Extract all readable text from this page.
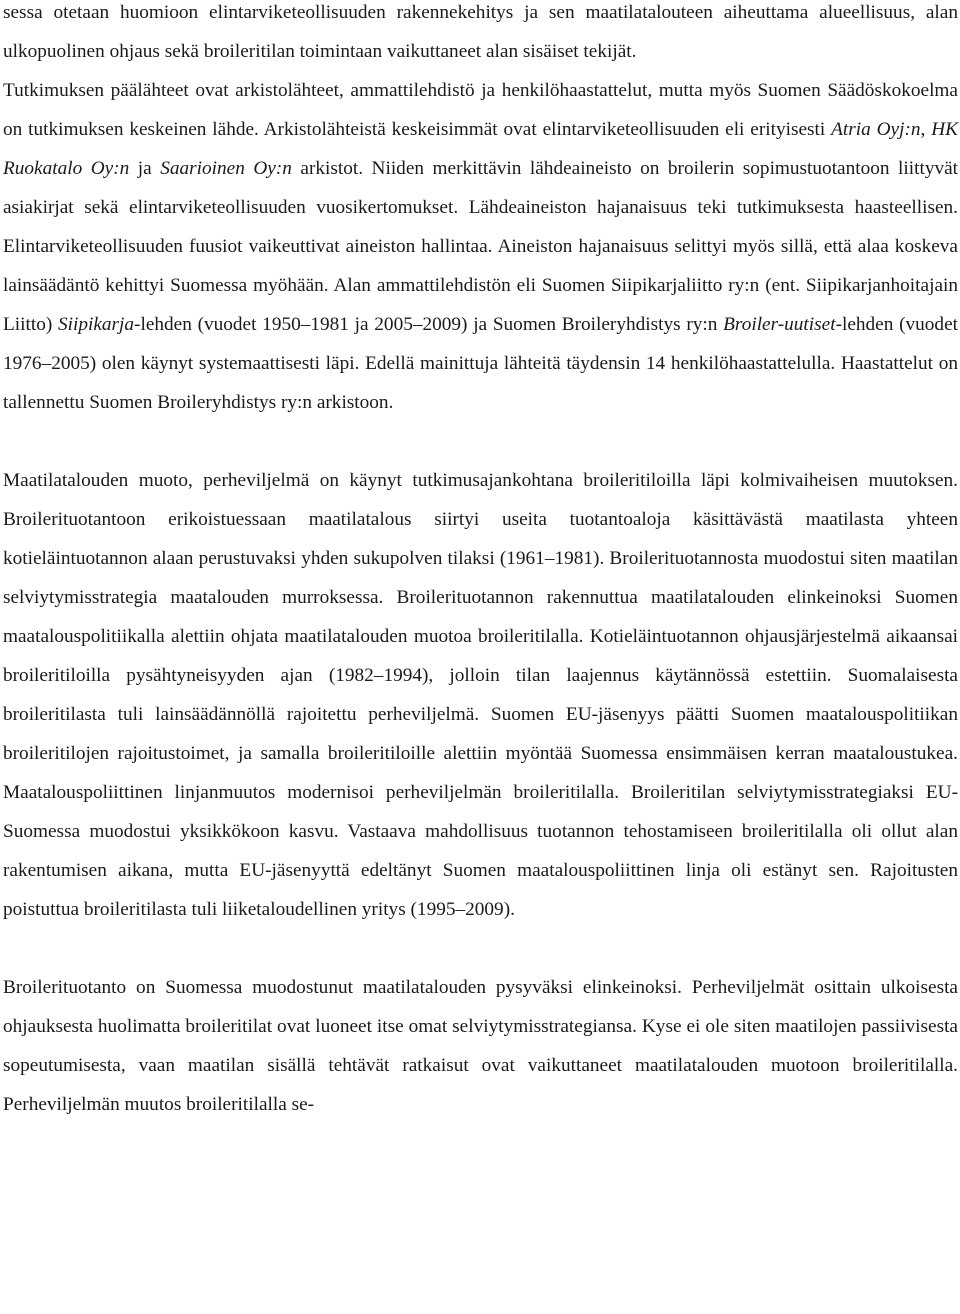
sessa otetaan huomioon elintarviketeollisuuden rakennekehitys ja sen maatilatalouteen aiheuttama alueellisuus, alan ulkopuolinen ohjaus sekä broileritilan toimintaan vaikuttaneet alan sisäiset tekijät.

Tutkimuksen päälähteet ovat arkistolähteet, ammattilehdistö ja henkilöhaastattelut, mutta myös Suomen Säädöskokoelma on tutkimuksen keskeinen lähde. Arkistolähteistä keskeisimmät ovat elintarviketeollisuuden eli erityisesti Atria Oyj:n, HK Ruokatalo Oy:n ja Saarioinen Oy:n arkistot. Niiden merkittävin lähdeaineisto on broilerin sopimustuotantoon liittyvät asiakirjat sekä elintarviketeollisuuden vuosikertomukset. Lähdeaineiston hajanaisuus teki tutkimuksesta haasteellisen. Elintarviketeollisuuden fuusiot vaikeuttivat aineiston hallintaa. Aineiston hajanaisuus selittyi myös sillä, että alaa koskeva lainsäädäntö kehittyi Suomessa myöhään. Alan ammattilehdistön eli Suomen Siipikarjaliitto ry:n (ent. Siipikarjanhoitajain Liitto) Siipikarja-lehden (vuodet 1950–1981 ja 2005–2009) ja Suomen Broileryhdistys ry:n Broiler-uutiset-lehden (vuodet 1976–2005) olen käynyt systemaattisesti läpi. Edellä mainittuja lähteitä täydensin 14 henkilöhaastattelulla. Haastattelut on tallennettu Suomen Broileryhdistys ry:n arkistoon.

Maatilatalouden muoto, perheviljelmä on käynyt tutkimusajankohtana broileritiloilla läpi kolmivaiheisen muutoksen. Broilerituotantoon erikoistuessaan maatilatalous siirtyi useita tuotantoaloja käsittävästä maatilasta yhteen kotieläintuotannon alaan perustuvaksi yhden sukupolven tilaksi (1961–1981). Broilerituotannosta muodostui siten maatilan selviytymisstrategia maatalouden murroksessa. Broilerituotannon rakennuttua maatilatalouden elinkeinoksi Suomen maatalouspolitiikalla alettiin ohjata maatilatalouden muotoa broileritilalla. Kotieläintuotannon ohjausjärjestelmä aikaansai broileritiloilla pysähtyneisyyden ajan (1982–1994), jolloin tilan laajennus käytännössä estettiin. Suomalaisesta broileritilasta tuli lainsäädännöllä rajoitettu perheviljelmä. Suomen EU-jäsenyys päätti Suomen maatalouspolitiikan broileritilojen rajoitustoimet, ja samalla broileritiloille alettiin myöntää Suomessa ensimmäisen kerran maataloustukea. Maatalouspoliittinen linjanmuutos modernisoi perheviljelmän broileritilalla. Broileritilan selviytymisstrategiaksi EU-Suomessa muodostui yksikkökoon kasvu. Vastaava mahdollisuus tuotannon tehostamiseen broileritilalla oli ollut alan rakentumisen aikana, mutta EU-jäsenyyttä edeltänyt Suomen maatalouspoliittinen linja oli estänyt sen. Rajoitusten poistuttua broileritilasta tuli liiketaloudellinen yritys (1995–2009).

Broilerituotanto on Suomessa muodostunut maatilatalouden pysyväksi elinkeinoksi. Perheviljelmät osittain ulkoisesta ohjauksesta huolimatta broileritilat ovat luoneet itse omat selviytymisstrategiansa. Kyse ei ole siten maatilojen passiivisesta sopeutumisesta, vaan maatilan sisällä tehtävät ratkaisut ovat vaikuttaneet maatilatalouden muotoon broileritilalla. Perheviljelmän muutos broileritilalla se-
